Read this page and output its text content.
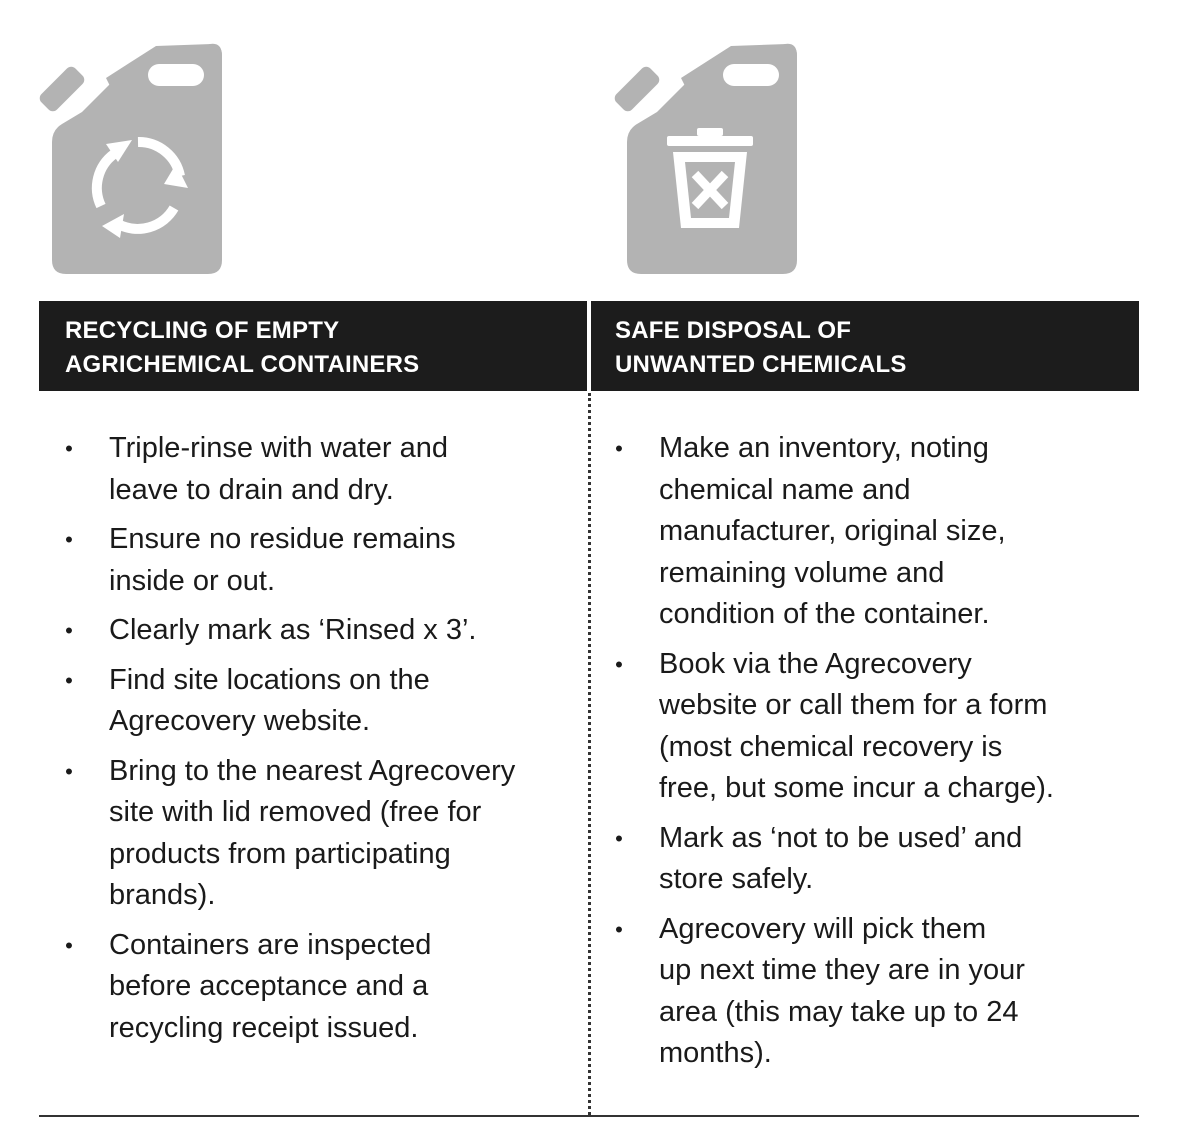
RECYCLING OF EMPTY
AGRICHEMICAL CONTAINERS
SAFE DISPOSAL OF
UNWANTED CHEMICALS
• Triple-rinse with water and
leave to drain and dry.
• Ensure no residue remains
inside or out.
• Clearly mark as ‘Rinsed x 3’.
• Find site locations on the
Agrecovery website.
• Bring to the nearest Agrecovery
site with lid removed (free for
products from participating
brands).
• Containers are inspected
before acceptance and a
recycling receipt issued.
• Make an inventory, noting
chemical name and
manufacturer, original size,
remaining volume and
condition of the container.
• Book via the Agrecovery
website or call them for a form
(most chemical recovery is
free, but some incur a charge).
• Mark as ‘not to be used’ and
store safely.
• Agrecovery will pick them
up next time they are in your
area (this may take up to 24
months).
